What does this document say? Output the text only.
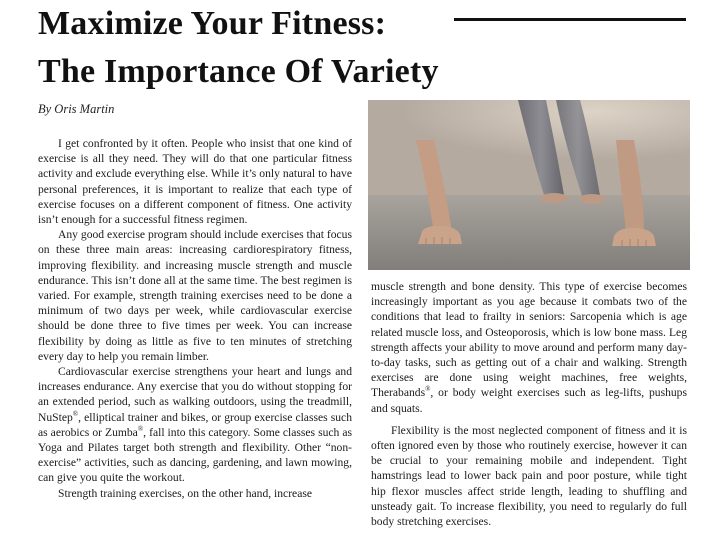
Maximize Your Fitness:
The Importance Of Variety
By Oris Martin

I get confronted by it often. People who insist that one kind of exercise is all they need. They will do that one particular fitness activity and exclude everything else. While it’s only natural to have personal preferences, it is important to realize that each type of exercise focuses on a different component of fitness. One activity isn’t enough for a successful fitness regimen.

Any good exercise program should include exercises that focus on these three main areas: increasing cardiorespiratory fitness, improving flexibility. and increasing muscle strength and muscle endurance. This isn’t done all at the same time. The best regimen is varied. For example, strength training exercises need to be done a minimum of two days per week, while cardiovascular exercise should be done three to five times per week. You can increase flexibility by doing as little as five to ten minutes of stretching every day to help you remain limber.

Cardiovascular exercise strengthens your heart and lungs and increases endurance. Any exercise that you do without stopping for an extended period, such as walking outdoors, using the treadmill, NuStep®, elliptical trainer and bikes, or group exercise classes such as aerobics or Zumba®, fall into this category. Some classes such as Yoga and Pilates target both strength and flexibility. Other “non-exercise” activities, such as dancing, gardening, and lawn mowing, can give you quite the workout.

Strength training exercises, on the other hand, increase

muscle strength and bone density. This type of exercise becomes increasingly important as you age because it combats two of the conditions that lead to frailty in seniors: Sarcopenia which is age related muscle loss, and Osteoporosis, which is low bone mass. Leg strength affects your ability to move around and perform many day-to-day tasks, such as getting out of a chair and walking. Strength exercises are done using weight machines, free weights, Therabands®, or body weight exercises such as leg-lifts, pushups and squats.

Flexibility is the most neglected component of fitness and it is often ignored even by those who routinely exercise, however it can be crucial to your remaining mobile and independent. Tight hamstrings lead to lower back pain and poor posture, while tight hip flexor muscles affect stride length, leading to shuffling and unsteady gait. To increase flexibility, you need to regularly do full body stretching exercises.
